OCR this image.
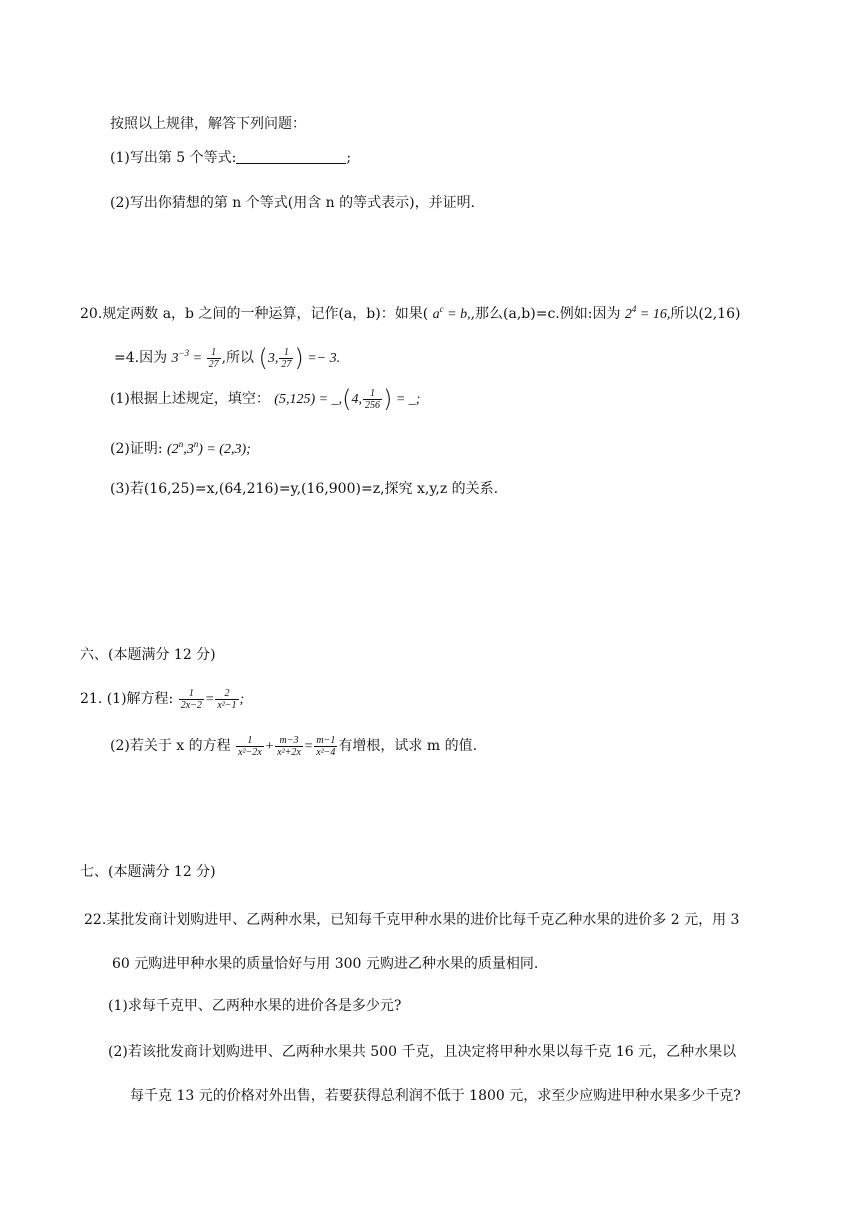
按照以上规律，解答下列问题：
(1)写出第 5 个等式:	;
(2)写出你猜想的第 n 个等式(用含 n 的等式表示)，并证明.
20.规定两数 a，b 之间的一种运算，记作(a，b)：如果( $a^c = b$,,那么(a,b)=c.例如:因为 $2^4 = 16$,所以(2,16)
=4.因为 $3^{-3} = \frac{1}{27}$ ,所以 (3, $\frac{1}{27}$ ) =− 3.
(1)根据上述规定，填空： (5,125) = _,(4, $\frac{1}{256}$ ) = _;
(2)证明: $(2^n,3^n) = (2,3)$;
(3)若(16,25)=x,(64,216)=y,(16,900)=z,探究 x,y,z 的关系.
六、(本题满分 12 分)
21. (1)解方程: $\frac{1}{2x-2} = \frac{2}{\text{x²−1}}$ ;
(2)若关于 x 的方程 $\frac{1}{\text{x²−2x}} + \frac{m-3}{\text{x²+2x}} = \frac{m-1}{\text{x²−4}}$ 有增根，试求 m 的值.
七、(本题满分 12 分)
22.某批发商计划购进甲、乙两种水果，已知每千克甲种水果的进价比每千克乙种水果的进价多 2 元，用 3
60 元购进甲种水果的质量恰好与用 300 元购进乙种水果的质量相同.
(1)求每千克甲、乙两种水果的进价各是多少元?
(2)若该批发商计划购进甲、乙两种水果共 500 千克，且决定将甲种水果以每千克 16 元，乙种水果以
每千克 13 元的价格对外出售，若要获得总利润不低于 1800 元，求至少应购进甲种水果多少千克?
